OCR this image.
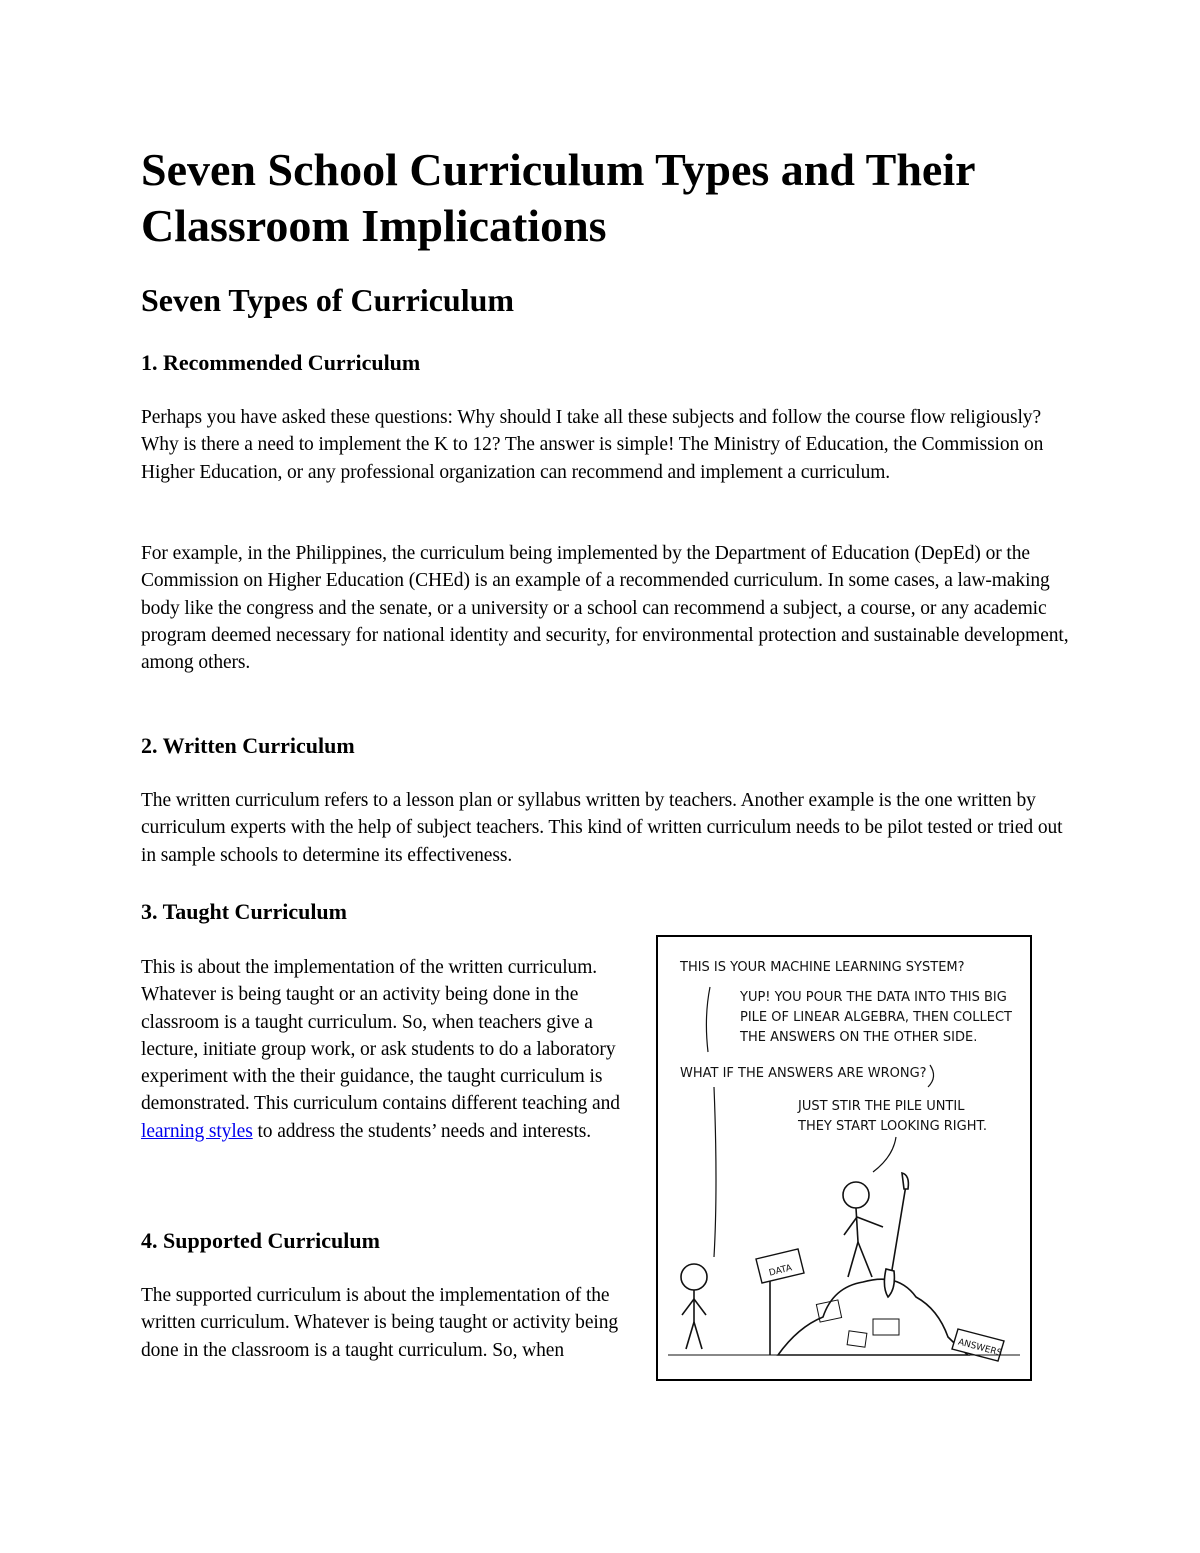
Seven School Curriculum Types and Their Classroom Implications
Seven Types of Curriculum
1. Recommended Curriculum

Perhaps you have asked these questions: Why should I take all these subjects and follow the course flow religiously? Why is there a need to implement the K to 12? The answer is simple! The Ministry of Education, the Commission on Higher Education, or any professional organization can recommend and implement a curriculum.

For example, in the Philippines, the curriculum being implemented by the Department of Education (DepEd) or the Commission on Higher Education (CHEd) is an example of a recommended curriculum. In some cases, a law-making body like the congress and the senate, or a university or a school can recommend a subject, a course, or any academic program deemed necessary for national identity and security, for environmental protection and sustainable development, among others.

2. Written Curriculum

The written curriculum refers to a lesson plan or syllabus written by teachers. Another example is the one written by curriculum experts with the help of subject teachers. This kind of written curriculum needs to be pilot tested or tried out in sample schools to determine its effectiveness.

3. Taught Curriculum

This is about the implementation of the written curriculum. Whatever is being taught or an activity being done in the classroom is a taught curriculum. So, when teachers give a lecture, initiate group work, or ask students to do a laboratory experiment with the their guidance, the taught curriculum is demonstrated. This curriculum contains different teaching and learning styles to address the students’ needs and interests.

4. Supported Curriculum

The supported curriculum is about the implementation of the written curriculum. Whatever is being taught or activity being done in the classroom is a taught curriculum. So, when

THIS IS YOUR MACHINE LEARNING SYSTEM?
YUP! YOU POUR THE DATA INTO THIS BIG
PILE OF LINEAR ALGEBRA, THEN COLLECT
THE ANSWERS ON THE OTHER SIDE.
WHAT IF THE ANSWERS ARE WRONG?
JUST STIR THE PILE UNTIL
THEY START LOOKING RIGHT.
DATA
ANSWERS
